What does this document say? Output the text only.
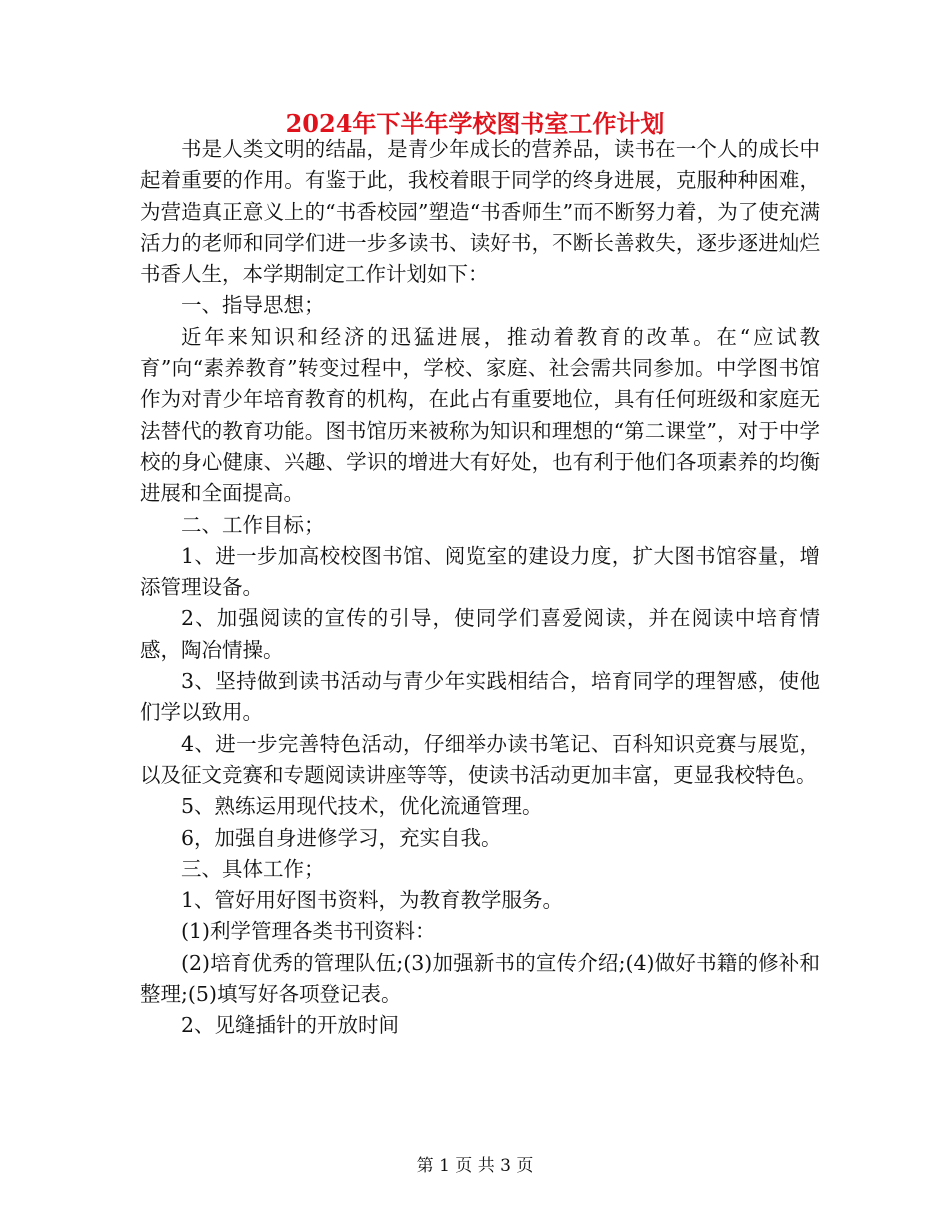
2024年下半年学校图书室工作计划

书是人类文明的结晶，是青少年成长的营养品，读书在一个人的成长中起着重要的作用。有鉴于此，我校着眼于同学的终身进展，克服种种困难，为营造真正意义上的“书香校园”塑造“书香师生”而不断努力着，为了使充满活力的老师和同学们进一步多读书、读好书，不断长善救失，逐步逐进灿烂书香人生，本学期制定工作计划如下：

一、指导思想；

近年来知识和经济的迅猛进展，推动着教育的改革。在“应试教育”向“素养教育”转变过程中，学校、家庭、社会需共同参加。中学图书馆作为对青少年培育教育的机构，在此占有重要地位，具有任何班级和家庭无法替代的教育功能。图书馆历来被称为知识和理想的“第二课堂”，对于中学校的身心健康、兴趣、学识的增进大有好处，也有利于他们各项素养的均衡进展和全面提高。

二、工作目标；

1、进一步加高校校图书馆、阅览室的建设力度，扩大图书馆容量，增添管理设备。

2、加强阅读的宣传的引导，使同学们喜爱阅读，并在阅读中培育情感，陶冶情操。

3、坚持做到读书活动与青少年实践相结合，培育同学的理智感，使他们学以致用。

4、进一步完善特色活动，仔细举办读书笔记、百科知识竞赛与展览，以及征文竞赛和专题阅读讲座等等，使读书活动更加丰富，更显我校特色。

5、熟练运用现代技术，优化流通管理。

6，加强自身进修学习，充实自我。

三、具体工作；

1、管好用好图书资料，为教育教学服务。

(1)利学管理各类书刊资料：

(2)培育优秀的管理队伍;(3)加强新书的宣传介绍;(4)做好书籍的修补和整理;(5)填写好各项登记表。

2、见缝插针的开放时间

第 1 页 共 3 页
